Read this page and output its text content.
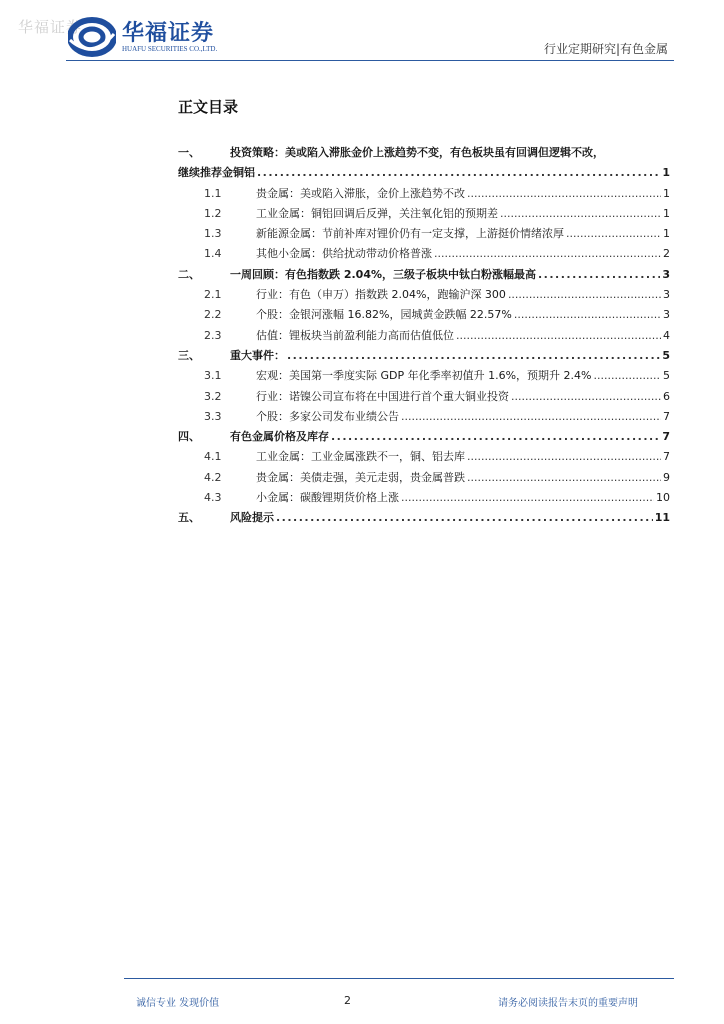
华福证券 华福证券
HUAFU SECURITIES CO.,LTD.	行业定期研究|有色金属
正文目录
一、	投资策略：美或陷入滞胀金价上涨趋势不变，有色板块虽有回调但逻辑不改，
继续推荐金铜铝 .....	1
1.1	贵金属：美或陷入滞胀，金价上涨趋势不改 .....	1
1.2	工业金属：铜铝回调后反弹，关注氧化铝的预期差 .....	1
1.3	新能源金属：节前补库对锂价仍有一定支撑，上游挺价情绪浓厚 .....	1
1.4	其他小金属：供给扰动带动价格普涨 .....	2
二、	一周回顾：有色指数跌 2.04%，三级子板块中钛白粉涨幅最高 .....	3
2.1	行业：有色（申万）指数跌 2.04%，跑输沪深 300 .....	3
2.2	个股：金银河涨幅 16.82%，园城黄金跌幅 22.57% .....	3
2.3	估值：锂板块当前盈利能力高而估值低位 .....	4
三、	重大事件： .....	5
3.1	宏观：美国第一季度实际 GDP 年化季率初值升 1.6%，预期升 2.4% .....	5
3.2	行业：诺镍公司宣布将在中国进行首个重大铜业投资 .....	6
3.3	个股：多家公司发布业绩公告 .....	7
四、	有色金属价格及库存 .....	7
4.1	工业金属：工业金属涨跌不一，铜、铝去库 .....	7
4.2	贵金属：美债走强，美元走弱，贵金属普跌 .....	9
4.3	小金属：碳酸锂期货价格上涨 .....	10
五、	风险提示 .....	11
诚信专业 发现价值	2	请务必阅读报告末页的重要声明
